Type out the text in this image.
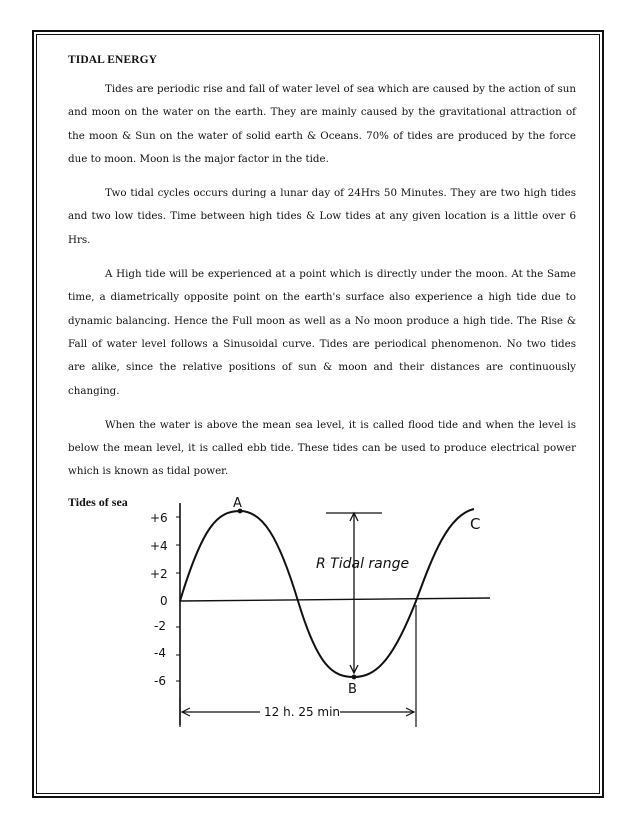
TIDAL ENERGY

Tides are periodic rise and fall of water level of sea which are caused by the action of sun and moon on the water on the earth. They are mainly caused by the gravitational attraction of the moon & Sun on the water of solid earth & Oceans. 70% of tides are produced by the force due to moon. Moon is the major factor in the tide.

Two tidal cycles occurs during a lunar day of 24Hrs 50 Minutes. They are two high tides and two low tides. Time between high tides & Low tides at any given location is a little over 6 Hrs.

A High tide will be experienced at a point which is directly under the moon. At the Same time, a diametrically opposite point on the earth's surface also experience a high tide due to dynamic balancing. Hence the Full moon as well as a No moon produce a high tide. The Rise & Fall of water level follows a Sinusoidal curve. Tides are periodical phenomenon. No two tides are alike, since the relative positions of sun & moon and their distances are continuously changing.

When the water is above the mean sea level, it is called flood tide and when the level is below the mean level, it is called ebb tide. These tides can be used to produce electrical power which is known as tidal power.

Tides of sea
+6
+4
+2
0
-2
-4
-6
A
B
C
R Tidal range
12 h. 25 min
